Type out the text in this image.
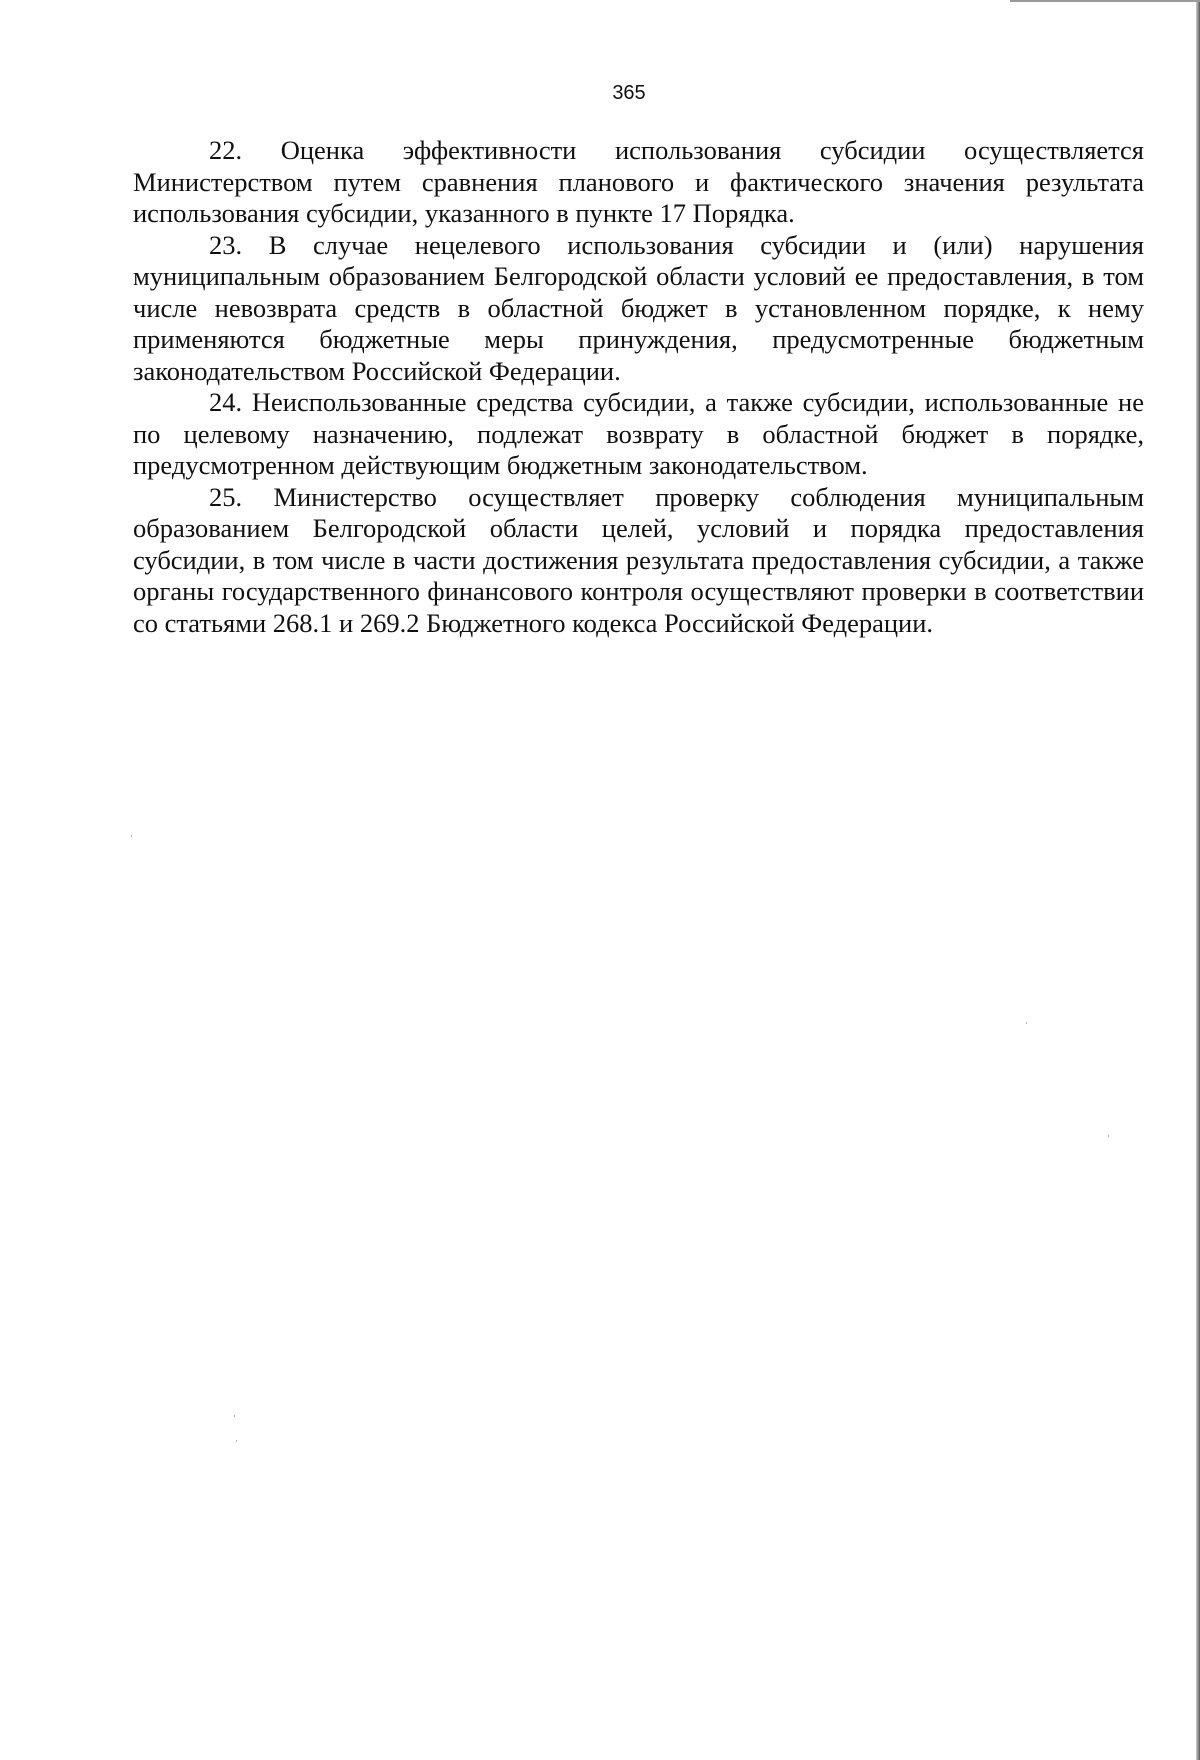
365

22. Оценка эффективности использования субсидии осуществляется Министерством путем сравнения планового и фактического значения результата использования субсидии, указанного в пункте 17 Порядка.

23. В случае нецелевого использования субсидии и (или) нарушения муниципальным образованием Белгородской области условий ее предоставления, в том числе невозврата средств в областной бюджет в установленном порядке, к нему применяются бюджетные меры принуждения, предусмотренные бюджетным законодательством Российской Федерации.

24. Неиспользованные средства субсидии, а также субсидии, использованные не по целевому назначению, подлежат возврату в областной бюджет в порядке, предусмотренном действующим бюджетным законодательством.

25. Министерство осуществляет проверку соблюдения муниципальным образованием Белгородской области целей, условий и порядка предоставления субсидии, в том числе в части достижения результата предоставления субсидии, а также органы государственного финансового контроля осуществляют проверки в соответствии со статьями 268.1 и 269.2 Бюджетного кодекса Российской Федерации.
